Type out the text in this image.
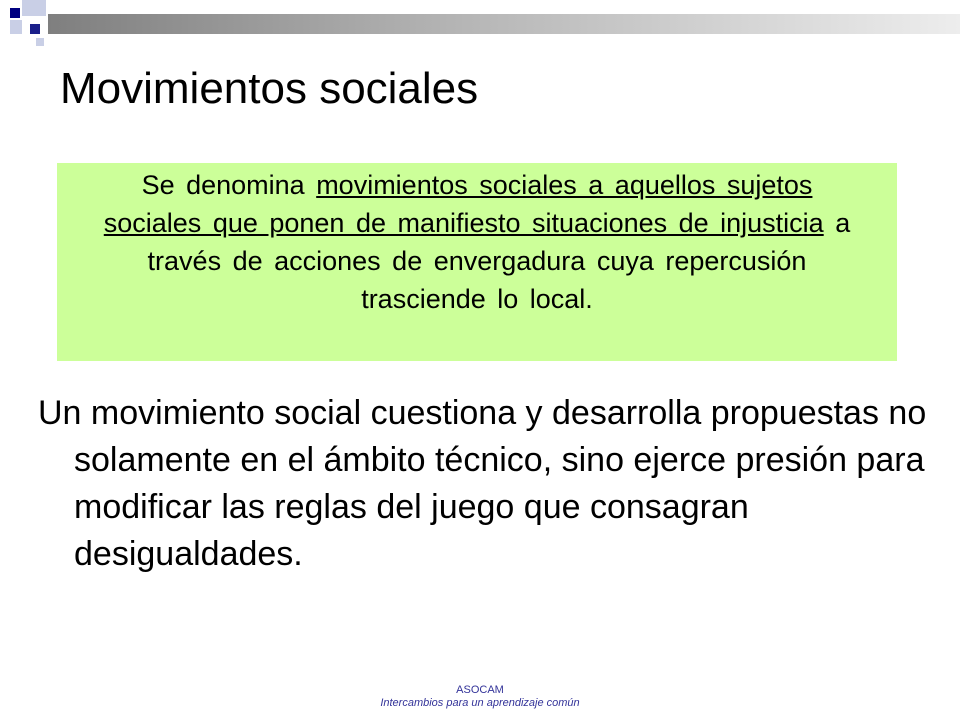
Movimientos sociales
Se denomina movimientos sociales a aquellos sujetos sociales que ponen de manifiesto situaciones de injusticia a través de acciones de envergadura cuya repercusión trasciende lo local.

Un movimiento social cuestiona y desarrolla propuestas no solamente en el ámbito técnico, sino ejerce presión para modificar las reglas del juego que consagran desigualdades.

ASOCAM
Intercambios para un aprendizaje común
